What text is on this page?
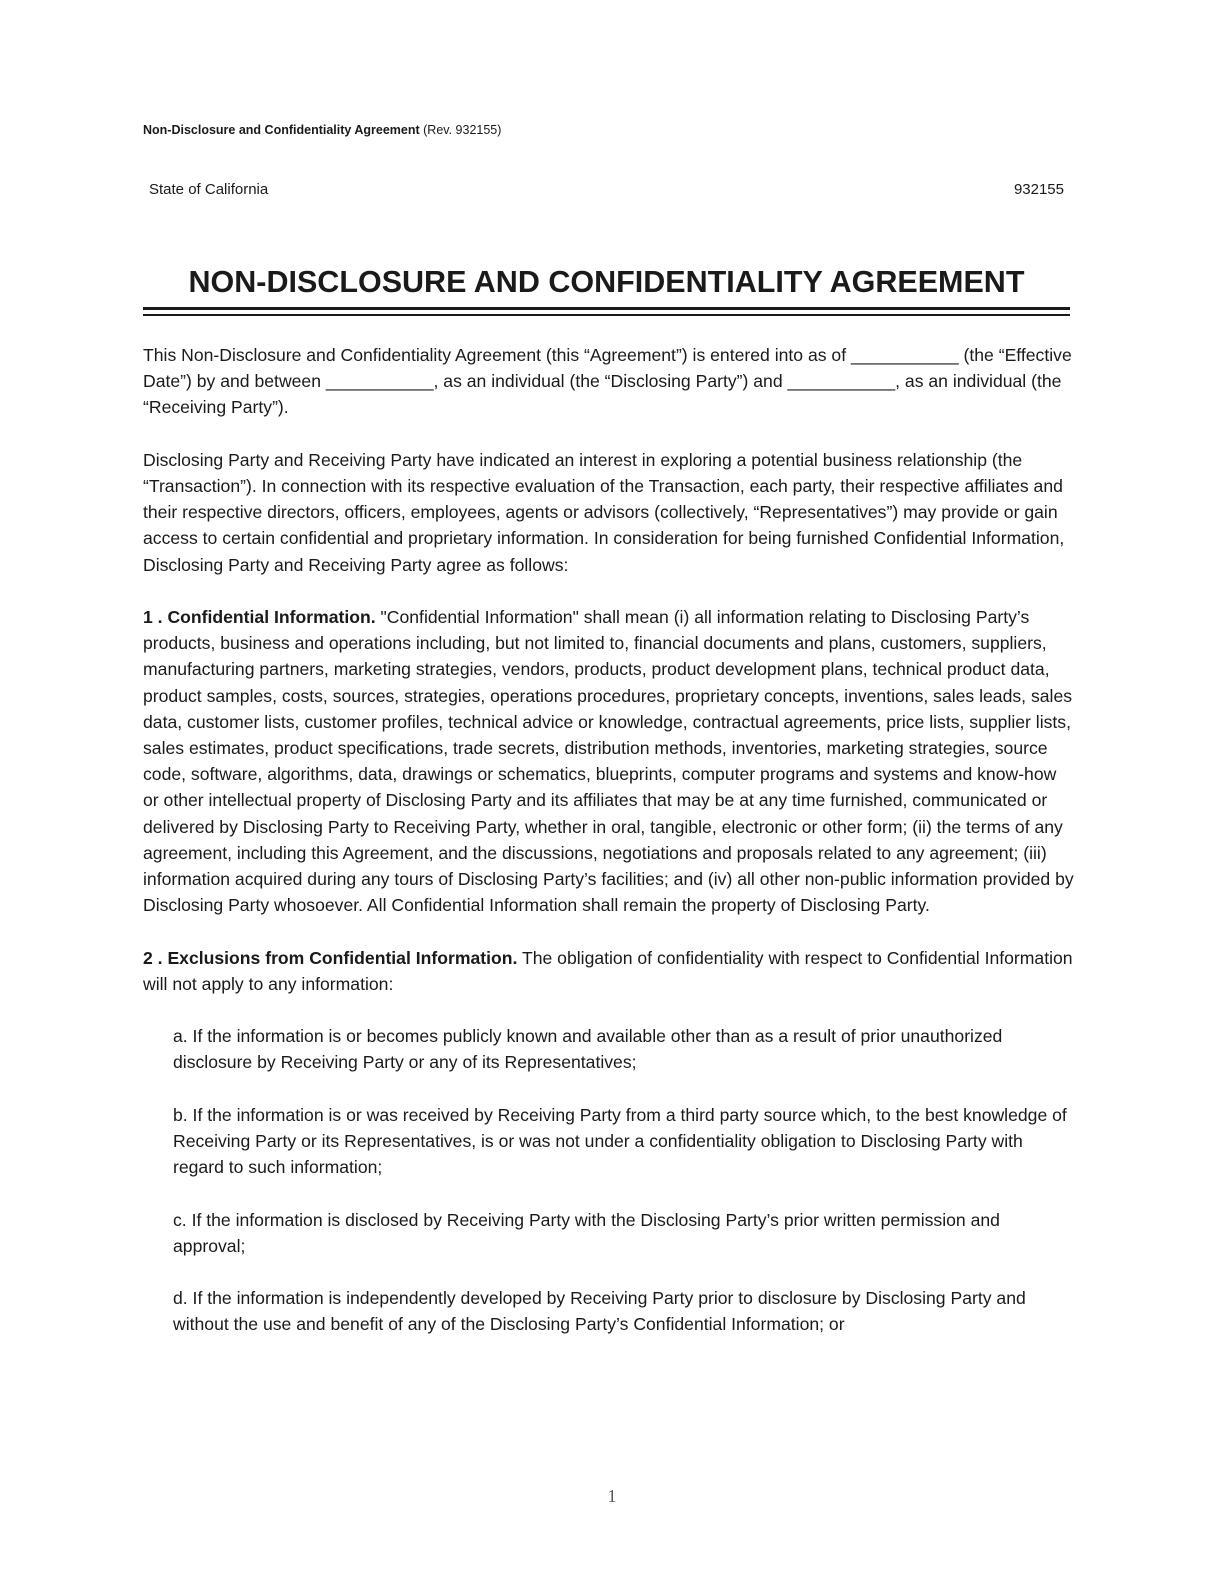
Non-Disclosure and Confidentiality Agreement (Rev. 932155)
State of California	932155
NON-DISCLOSURE AND CONFIDENTIALITY AGREEMENT

This Non-Disclosure and Confidentiality Agreement (this “Agreement”) is entered into as of ___________ (the “Effective Date”) by and between ___________, as an individual (the “Disclosing Party”) and ___________, as an individual (the “Receiving Party”).

Disclosing Party and Receiving Party have indicated an interest in exploring a potential business relationship (the “Transaction”). In connection with its respective evaluation of the Transaction, each party, their respective affiliates and their respective directors, officers, employees, agents or advisors (collectively, “Representatives”) may provide or gain access to certain confidential and proprietary information. In consideration for being furnished Confidential Information, Disclosing Party and Receiving Party agree as follows:

1 . Confidential Information. "Confidential Information" shall mean (i) all information relating to Disclosing Party’s products, business and operations including, but not limited to, financial documents and plans, customers, suppliers, manufacturing partners, marketing strategies, vendors, products, product development plans, technical product data, product samples, costs, sources, strategies, operations procedures, proprietary concepts, inventions, sales leads, sales data, customer lists, customer profiles, technical advice or knowledge, contractual agreements, price lists, supplier lists, sales estimates, product specifications, trade secrets, distribution methods, inventories, marketing strategies, source code, software, algorithms, data, drawings or schematics, blueprints, computer programs and systems and know-how or other intellectual property of Disclosing Party and its affiliates that may be at any time furnished, communicated or delivered by Disclosing Party to Receiving Party, whether in oral, tangible, electronic or other form; (ii) the terms of any agreement, including this Agreement, and the discussions, negotiations and proposals related to any agreement; (iii) information acquired during any tours of Disclosing Party’s facilities; and (iv) all other non-public information provided by Disclosing Party whosoever. All Confidential Information shall remain the property of Disclosing Party.

2 . Exclusions from Confidential Information. The obligation of confidentiality with respect to Confidential Information will not apply to any information:

a. If the information is or becomes publicly known and available other than as a result of prior unauthorized disclosure by Receiving Party or any of its Representatives;

b. If the information is or was received by Receiving Party from a third party source which, to the best knowledge of Receiving Party or its Representatives, is or was not under a confidentiality obligation to Disclosing Party with regard to such information;

c. If the information is disclosed by Receiving Party with the Disclosing Party’s prior written permission and approval;

d. If the information is independently developed by Receiving Party prior to disclosure by Disclosing Party and without the use and benefit of any of the Disclosing Party’s Confidential Information; or

1
